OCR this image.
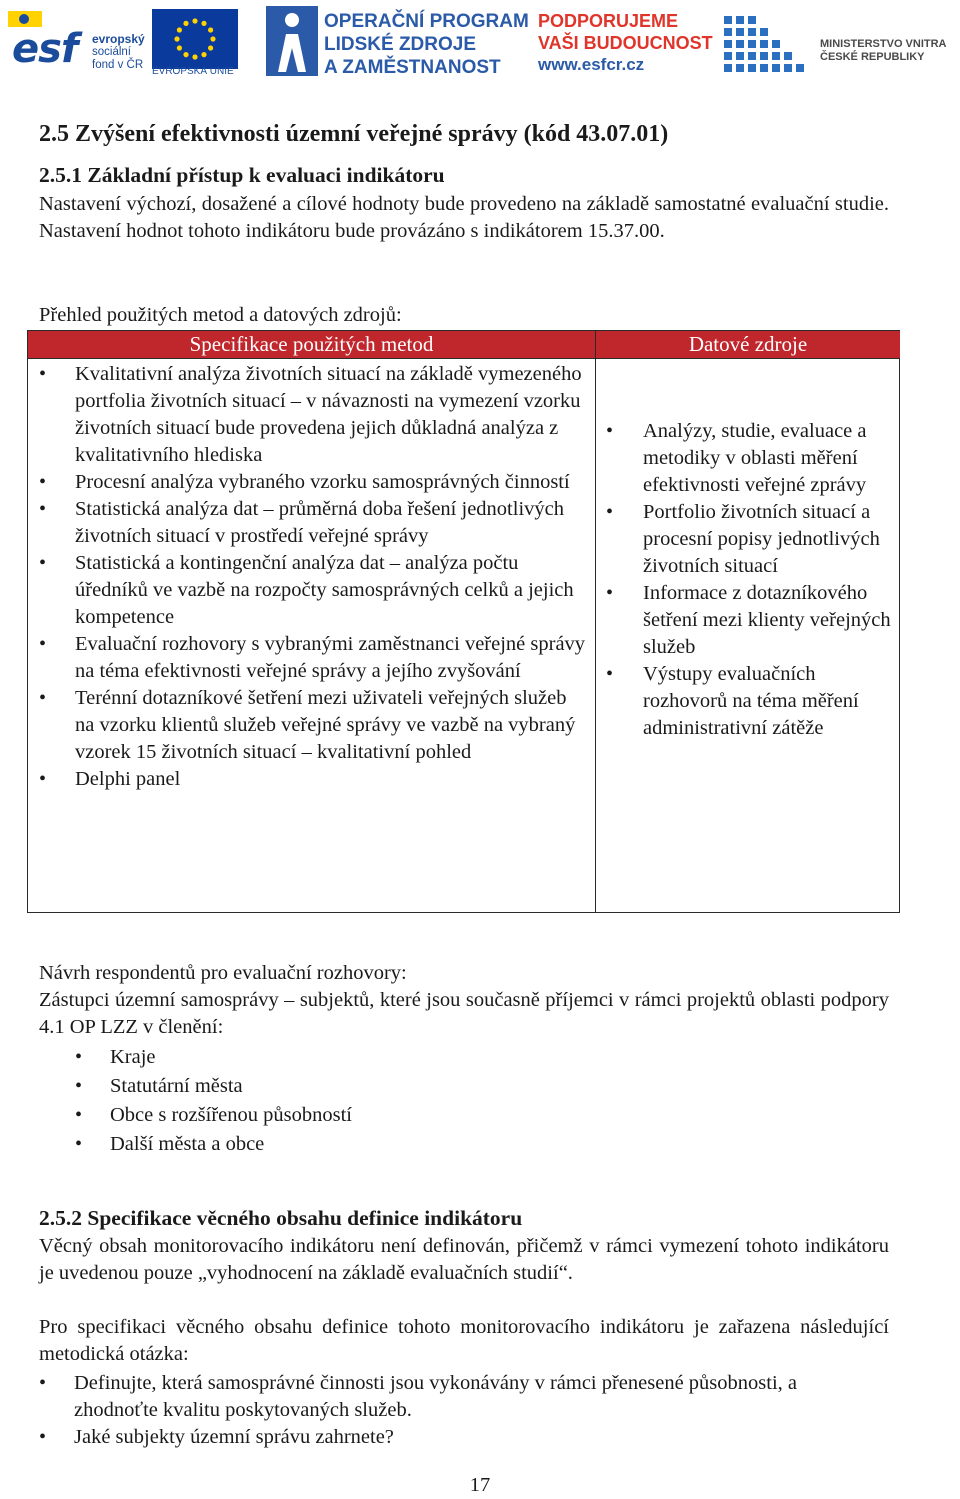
esf evropský
sociální
fond v ČR
EVROPSKÁ UNIE
OPERAČNÍ PROGRAM
LIDSKÉ ZDROJE
A ZAMĚSTNANOST
PODPORUJEME
VAŠI BUDOUCNOST
www.esfcr.cz
MINISTERSTVO VNITRA
ČESKÉ REPUBLIKY
2.5 Zvýšení efektivnosti územní veřejné správy (kód 43.07.01)
2.5.1 Základní přístup k evaluaci indikátoru
Nastavení výchozí, dosažené a cílové hodnoty bude provedeno na základě samostatné evaluační studie. Nastavení hodnot tohoto indikátoru bude provázáno s indikátorem 15.37.00.
Přehled použitých metod a datových zdrojů:
Specifikace použitých metod	Datové zdroje
• Kvalitativní analýza životních situací na základě vymezeného portfolia životních situací – v návaznosti na vymezení vzorku životních situací bude provedena jejich důkladná analýza z kvalitativního hlediska
• Procesní analýza vybraného vzorku samosprávných činností
• Statistická analýza dat – průměrná doba řešení jednotlivých životních situací v prostředí veřejné správy
• Statistická a kontingenční analýza dat – analýza počtu úředníků ve vazbě na rozpočty samosprávných celků a jejich kompetence
• Evaluační rozhovory s vybranými zaměstnanci veřejné správy na téma efektivnosti veřejné správy a jejího zvyšování
• Terénní dotazníkové šetření mezi uživateli veřejných služeb na vzorku klientů služeb veřejné správy ve vazbě na vybraný vzorek 15 životních situací – kvalitativní pohled
• Delphi panel
• Analýzy, studie, evaluace a metodiky v oblasti měření efektivnosti veřejné zprávy
• Portfolio životních situací a procesní popisy jednotlivých životních situací
• Informace z dotazníkového šetření mezi klienty veřejných služeb
• Výstupy evaluačních rozhovorů na téma měření administrativní zátěže
Návrh respondentů pro evaluační rozhovory:
Zástupci územní samosprávy – subjektů, které jsou současně příjemci v rámci projektů oblasti podpory 4.1 OP LZZ v členění:
• Kraje
• Statutární města
• Obce s rozšířenou působností
• Další města a obce
2.5.2 Specifikace věcného obsahu definice indikátoru
Věcný obsah monitorovacího indikátoru není definován, přičemž v rámci vymezení tohoto indikátoru je uvedenou pouze „vyhodnocení na základě evaluačních studií“.
Pro specifikaci věcného obsahu definice tohoto monitorovacího indikátoru je zařazena následující metodická otázka:
• Definujte, která samosprávné činnosti jsou vykonávány v rámci přenesené působnosti, a zhodnoťte kvalitu poskytovaných služeb.
• Jaké subjekty územní správu zahrnete?
17
